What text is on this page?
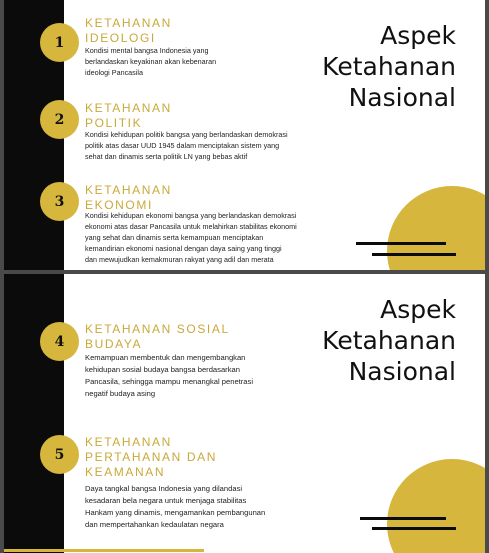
1
KETAHANAN
IDEOLOGI
Kondisi mental bangsa Indonesia yang
berlandaskan keyakinan akan kebenaran
ideologi Pancasila
2
KETAHANAN
POLITIK
Kondisi kehidupan politik bangsa yang berlandaskan demokrasi
politik atas dasar UUD 1945 dalam menciptakan sistem yang
sehat dan dinamis serta politik LN yang bebas aktif
3
KETAHANAN
EKONOMI
Kondisi kehidupan ekonomi bangsa yang berlandaskan demokrasi
ekonomi atas dasar Pancasila untuk melahirkan stabilitas ekonomi
yang sehat dan dinamis serta kemampuan menciptakan
kemandirian ekonomi nasional dengan daya saing yang tinggi
dan mewujudkan kemakmuran rakyat yang adil dan merata
Aspek
Ketahanan
Nasional
4
KETAHANAN SOSIAL
BUDAYA
Kemampuan membentuk dan mengembangkan
kehidupan sosial budaya bangsa berdasarkan
Pancasila, sehingga mampu menangkal penetrasi
negatif budaya asing
5
KETAHANAN
PERTAHANAN DAN
KEAMANAN
Daya tangkal bangsa Indonesia yang dilandasi
kesadaran bela negara untuk menjaga stabilitas
Hankam yang dinamis, mengamankan pembangunan
dan mempertahankan kedaulatan negara
Aspek
Ketahanan
Nasional
